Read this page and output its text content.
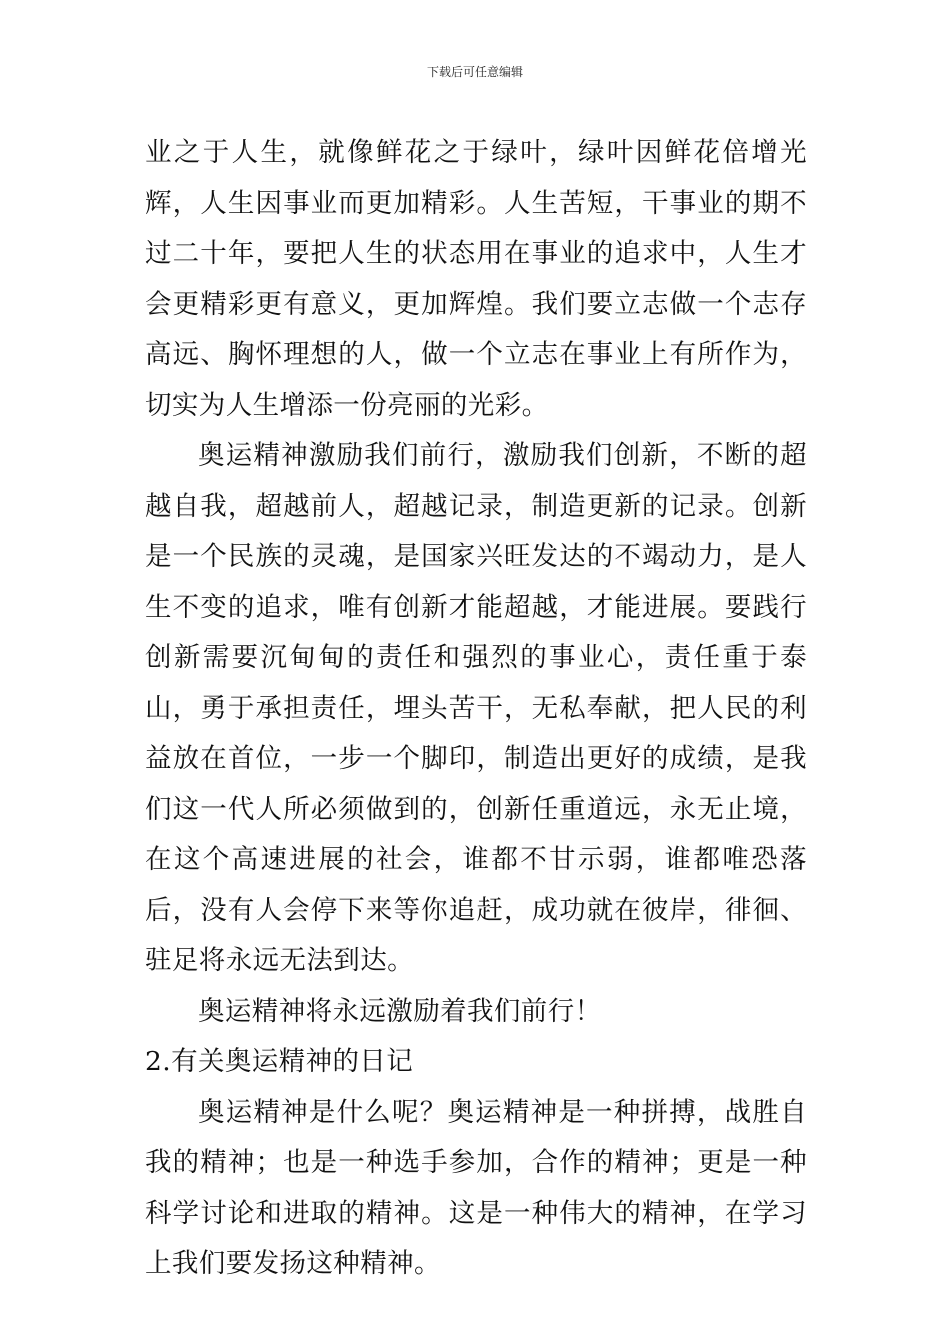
下载后可任意编辑

业之于人生，就像鲜花之于绿叶，绿叶因鲜花倍增光辉，人生因事业而更加精彩。人生苦短，干事业的期不过二十年，要把人生的状态用在事业的追求中，人生才会更精彩更有意义，更加辉煌。我们要立志做一个志存高远、胸怀理想的人，做一个立志在事业上有所作为，切实为人生增添一份亮丽的光彩。

奥运精神激励我们前行，激励我们创新，不断的超越自我，超越前人，超越记录，制造更新的记录。创新是一个民族的灵魂，是国家兴旺发达的不竭动力，是人生不变的追求，唯有创新才能超越，才能进展。要践行创新需要沉甸甸的责任和强烈的事业心，责任重于泰山，勇于承担责任，埋头苦干，无私奉献，把人民的利益放在首位，一步一个脚印，制造出更好的成绩，是我们这一代人所必须做到的，创新任重道远，永无止境，在这个高速进展的社会，谁都不甘示弱，谁都唯恐落后，没有人会停下来等你追赶，成功就在彼岸，徘徊、驻足将永远无法到达。

奥运精神将永远激励着我们前行！

2.有关奥运精神的日记

奥运精神是什么呢？奥运精神是一种拼搏，战胜自我的精神；也是一种选手参加，合作的精神；更是一种科学讨论和进取的精神。这是一种伟大的精神，在学习上我们要发扬这种精神。
